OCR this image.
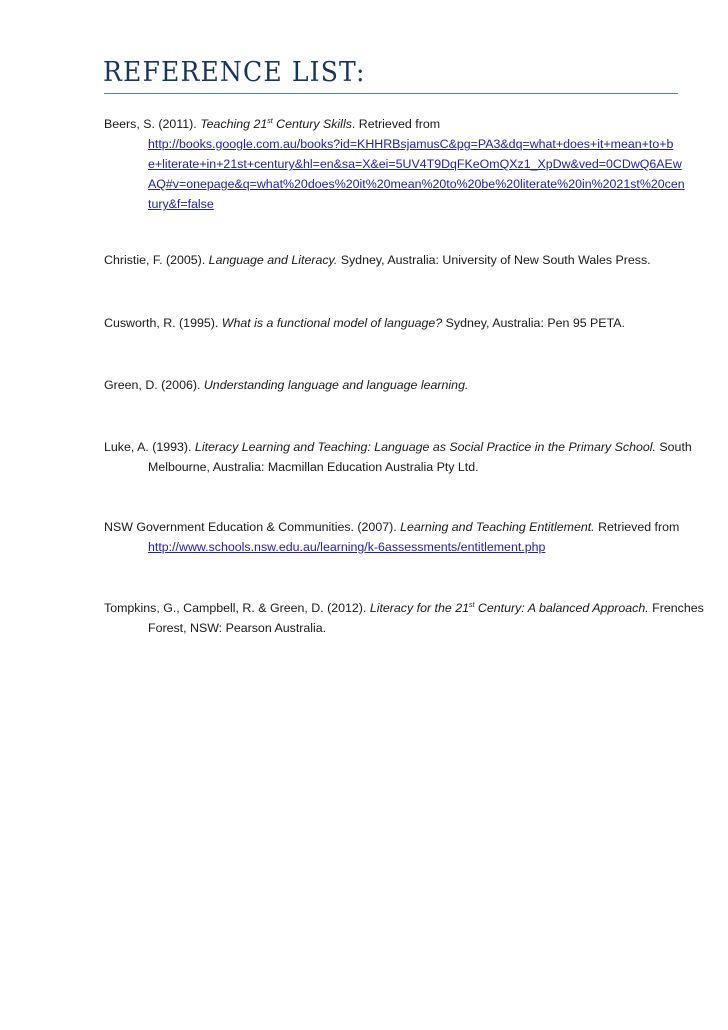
REFERENCE LIST:

Beers, S. (2011). Teaching 21st Century Skills. Retrieved from
http://books.google.com.au/books?id=KHHRBsjamusC&pg=PA3&dq=what+does+it+mean+to+b
e+literate+in+21st+century&hl=en&sa=X&ei=5UV4T9DqFKeOmQXz1_XpDw&ved=0CDwQ6AEw
AQ#v=onepage&q=what%20does%20it%20mean%20to%20be%20literate%20in%2021st%20cen
tury&f=false

Christie, F. (2005). Language and Literacy. Sydney, Australia: University of New South Wales Press.

Cusworth, R. (1995). What is a functional model of language? Sydney, Australia: Pen 95 PETA.

Green, D. (2006). Understanding language and language learning.

Luke, A. (1993). Literacy Learning and Teaching: Language as Social Practice in the Primary School. South Melbourne, Australia: Macmillan Education Australia Pty Ltd.

NSW Government Education & Communities. (2007). Learning and Teaching Entitlement. Retrieved from
http://www.schools.nsw.edu.au/learning/k-6assessments/entitlement.php

Tompkins, G., Campbell, R. & Green, D. (2012). Literacy for the 21st Century: A balanced Approach. Frenches Forest, NSW: Pearson Australia.
